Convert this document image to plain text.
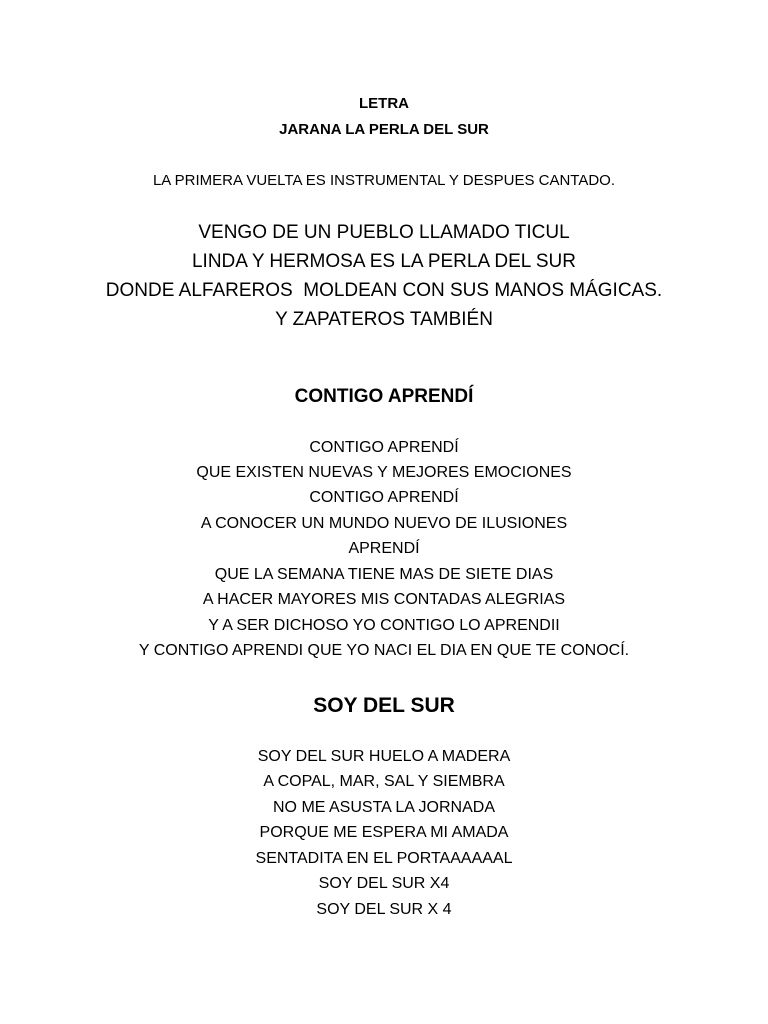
LETRA
JARANA LA PERLA DEL SUR
LA PRIMERA VUELTA ES INSTRUMENTAL Y DESPUES CANTADO.
VENGO DE UN PUEBLO LLAMADO TICUL
LINDA Y HERMOSA ES LA PERLA DEL SUR
DONDE ALFAREROS  MOLDEAN CON SUS MANOS MÁGICAS.
Y ZAPATEROS TAMBIÉN
CONTIGO APRENDÍ
CONTIGO APRENDÍ
QUE EXISTEN NUEVAS Y MEJORES EMOCIONES
CONTIGO APRENDÍ
A CONOCER UN MUNDO NUEVO DE ILUSIONES
APRENDÍ
QUE LA SEMANA TIENE MAS DE SIETE DIAS
A HACER MAYORES MIS CONTADAS ALEGRIAS
Y A SER DICHOSO YO CONTIGO LO APRENDII
Y CONTIGO APRENDI QUE YO NACI EL DIA EN QUE TE CONOCÍ.
SOY DEL SUR
SOY DEL SUR HUELO A MADERA
A COPAL, MAR, SAL Y SIEMBRA
NO ME ASUSTA LA JORNADA
PORQUE ME ESPERA MI AMADA
SENTADITA EN EL PORTAAAAAAL
SOY DEL SUR X4
SOY DEL SUR X 4
